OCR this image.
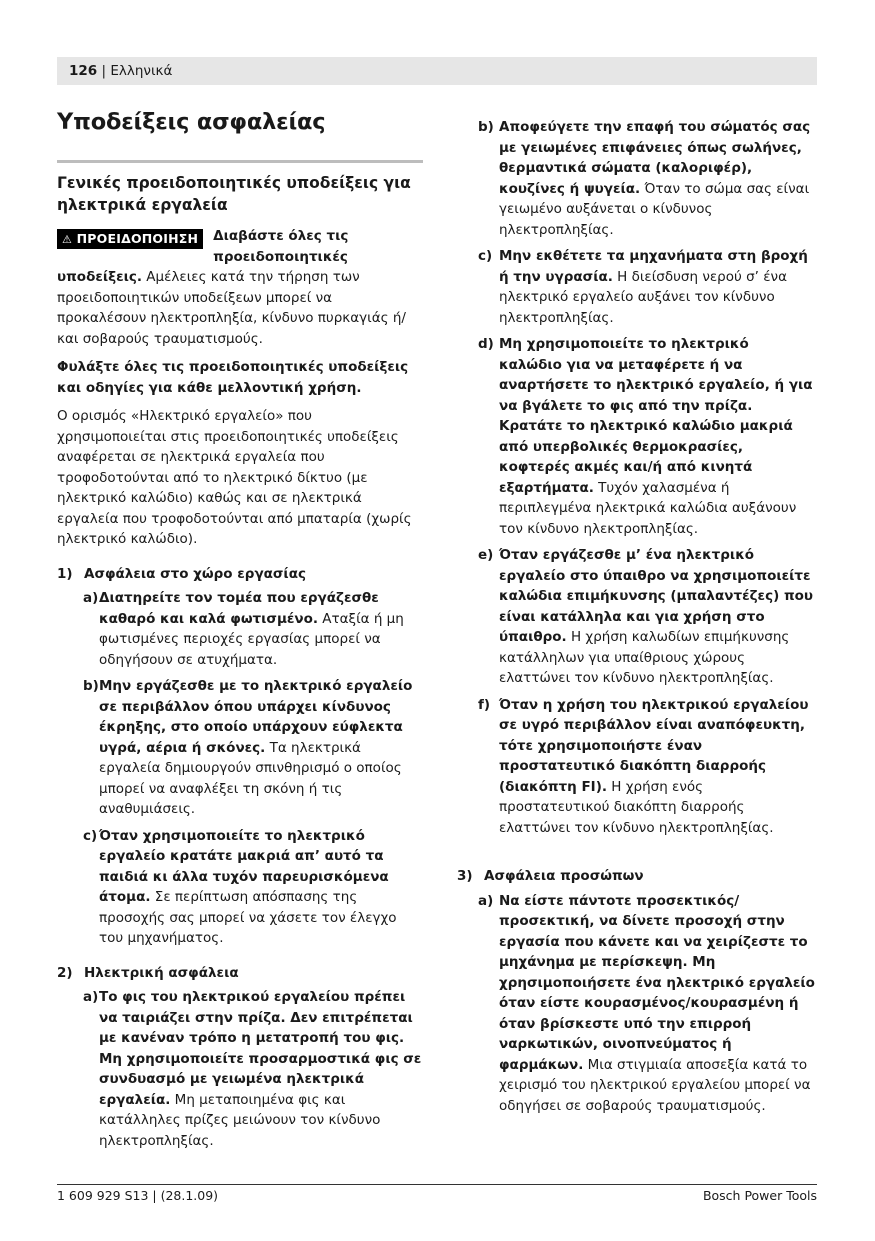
126 | Ελληνικά
Υποδείξεις ασφαλείας
Γενικές προειδοποιητικές υποδείξεις για ηλεκτρικά εργαλεία

⚠ ΠΡΟΕΙΔΟΠΟΙΗΣΗ	Διαβάστε όλες τις προειδοποιητικές υποδείξεις. Αμέλειες κατά την τήρηση των προειδοποιητικών υποδείξεων μπορεί να προκαλέσουν ηλεκτροπληξία, κίνδυνο πυρκαγιάς ή/και σοβαρούς τραυματισμούς.

Φυλάξτε όλες τις προειδοποιητικές υποδείξεις και οδηγίες για κάθε μελλοντική χρήση.

Ο ορισμός «Ηλεκτρικό εργαλείο» που χρησιμοποιείται στις προειδοποιητικές υποδείξεις αναφέρεται σε ηλεκτρικά εργαλεία που τροφοδοτούνται από το ηλεκτρικό δίκτυο (με ηλεκτρικό καλώδιο) καθώς και σε ηλεκτρικά εργαλεία που τροφοδοτούνται από μπαταρία (χωρίς ηλεκτρικό καλώδιο).

1) Ασφάλεια στο χώρο εργασίας
a) Διατηρείτε τον τομέα που εργάζεσθε καθαρό και καλά φωτισμένο. Αταξία ή μη φωτισμένες περιοχές εργασίας μπορεί να οδηγήσουν σε ατυχήματα.
b) Μην εργάζεσθε με το ηλεκτρικό εργαλείο σε περιβάλλον όπου υπάρχει κίνδυνος έκρηξης, στο οποίο υπάρχουν εύφλεκτα υγρά, αέρια ή σκόνες. Τα ηλεκτρικά εργαλεία δημιουργούν σπινθηρισμό ο οποίος μπορεί να αναφλέξει τη σκόνη ή τις αναθυμιάσεις.
c) Όταν χρησιμοποιείτε το ηλεκτρικό εργαλείο κρατάτε μακριά απ’ αυτό τα παιδιά κι άλλα τυχόν παρευρισκόμενα άτομα. Σε περίπτωση απόσπασης της προσοχής σας μπορεί να χάσετε τον έλεγχο του μηχανήματος.
2) Ηλεκτρική ασφάλεια
a) Το φις του ηλεκτρικού εργαλείου πρέπει να ταιριάζει στην πρίζα. Δεν επιτρέπεται με κανέναν τρόπο η μετατροπή του φις. Μη χρησιμοποιείτε προσαρμοστικά φις σε συνδυασμό με γειωμένα ηλεκτρικά εργαλεία. Μη μεταποιημένα φις και κατάλληλες πρίζες μειώνουν τον κίνδυνο ηλεκτροπληξίας.
b) Αποφεύγετε την επαφή του σώματός σας με γειωμένες επιφάνειες όπως σωλήνες, θερμαντικά σώματα (καλοριφέρ), κουζίνες ή ψυγεία. Όταν το σώμα σας είναι γειωμένο αυξάνεται ο κίνδυνος ηλεκτροπληξίας.
c) Μην εκθέτετε τα μηχανήματα στη βροχή ή την υγρασία. Η διείσδυση νερού σ’ ένα ηλεκτρικό εργαλείο αυξάνει τον κίνδυνο ηλεκτροπληξίας.
d) Μη χρησιμοποιείτε το ηλεκτρικό καλώδιο για να μεταφέρετε ή να αναρτήσετε το ηλεκτρικό εργαλείο, ή για να βγάλετε το φις από την πρίζα. Κρατάτε το ηλεκτρικό καλώδιο μακριά από υπερβολικές θερμοκρασίες, κοφτερές ακμές και/ή από κινητά εξαρτήματα. Τυχόν χαλασμένα ή περιπλεγμένα ηλεκτρικά καλώδια αυξάνουν τον κίνδυνο ηλεκτροπληξίας.
e) Όταν εργάζεσθε μ’ ένα ηλεκτρικό εργαλείο στο ύπαιθρο να χρησιμοποιείτε καλώδια επιμήκυνσης (μπαλαντέζες) που είναι κατάλληλα και για χρήση στο ύπαιθρο. Η χρήση καλωδίων επιμήκυνσης κατάλληλων για υπαίθριους χώρους ελαττώνει τον κίνδυνο ηλεκτροπληξίας.
f) Όταν η χρήση του ηλεκτρικού εργαλείου σε υγρό περιβάλλον είναι αναπόφευκτη, τότε χρησιμοποιήστε έναν προστατευτικό διακόπτη διαρροής (διακόπτη FI). Η χρήση ενός προστατευτικού διακόπτη διαρροής ελαττώνει τον κίνδυνο ηλεκτροπληξίας.
3) Ασφάλεια προσώπων
a) Να είστε πάντοτε προσεκτικός/προσεκτική, να δίνετε προσοχή στην εργασία που κάνετε και να χειρίζεστε το μηχάνημα με περίσκεψη. Μη χρησιμοποιήσετε ένα ηλεκτρικό εργαλείο όταν είστε κουρασμένος/κουρασμένη ή όταν βρίσκεστε υπό την επιρροή ναρκωτικών, οινοπνεύματος ή φαρμάκων. Μια στιγμιαία αποσεξία κατά το χειρισμό του ηλεκτρικού εργαλείου μπορεί να οδηγήσει σε σοβαρούς τραυματισμούς.
1 609 929 S13 | (28.1.09)	Bosch Power Tools
